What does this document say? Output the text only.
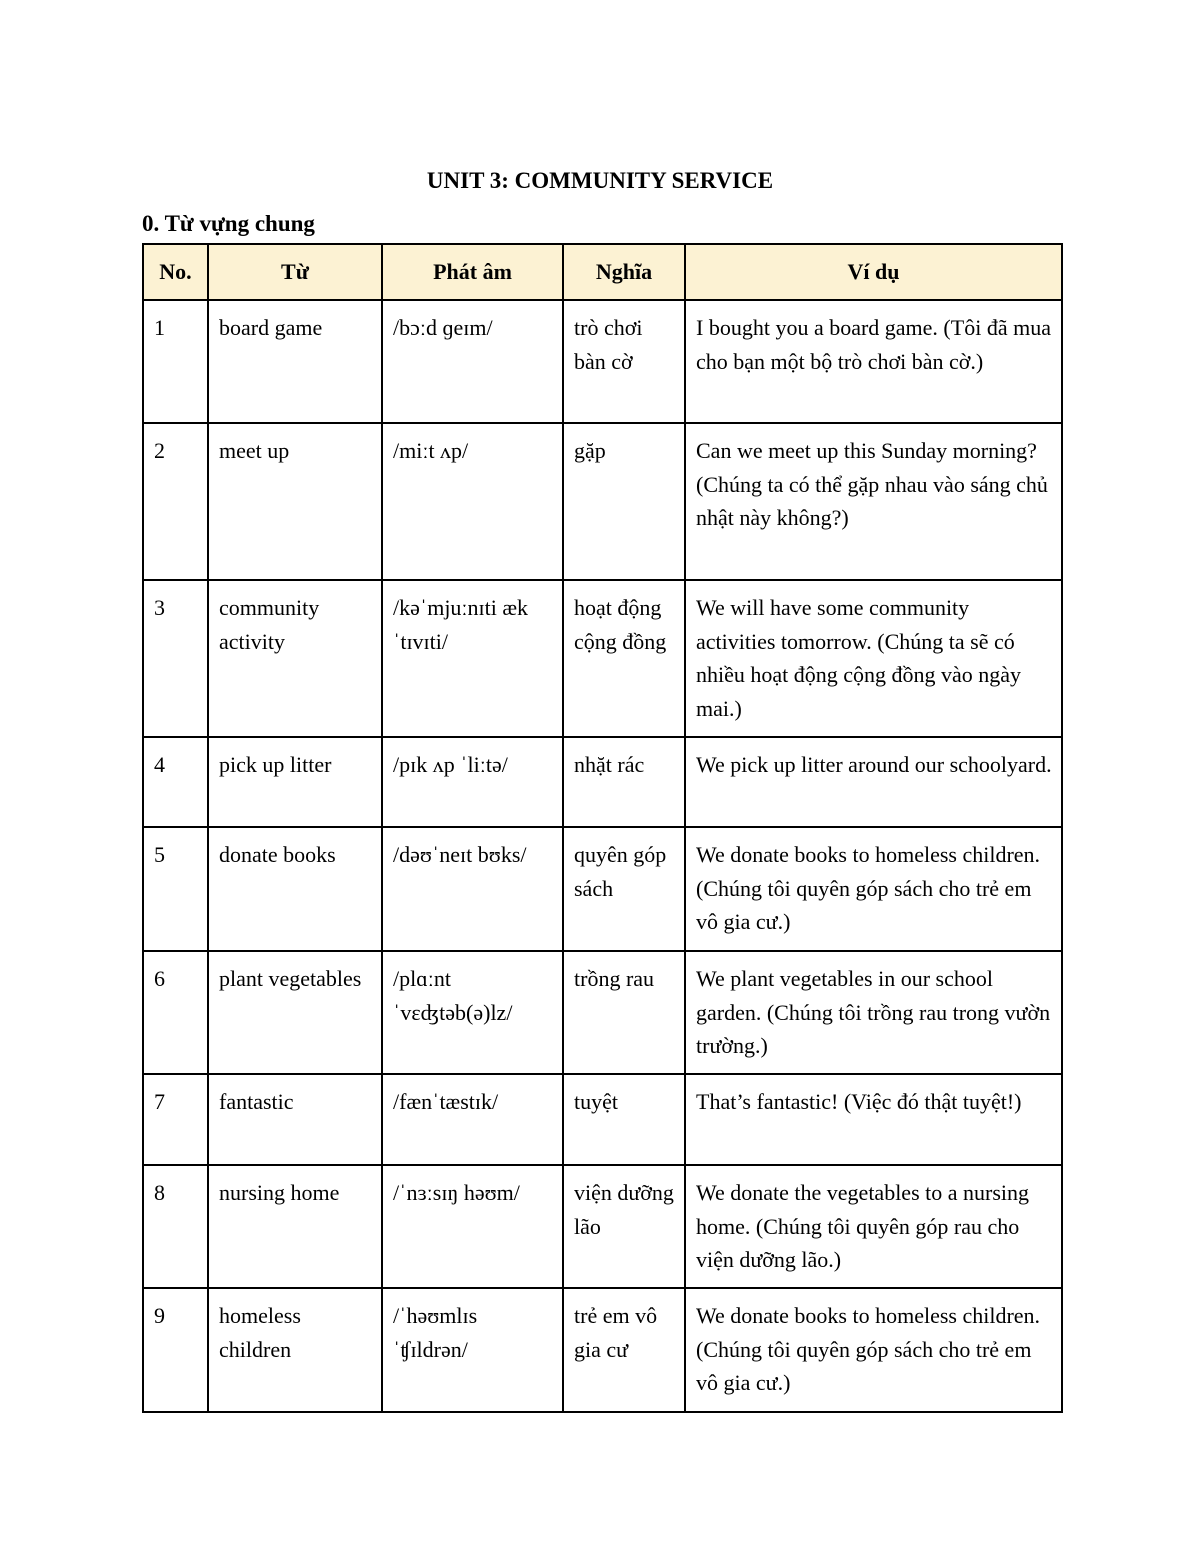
UNIT 3: COMMUNITY SERVICE
0. Từ vựng chung
No.	Từ	Phát âm	Nghĩa	Ví dụ
1	board game	/bɔːd ɡeɪm/	trò chơi bàn cờ	I bought you a board game. (Tôi đã mua cho bạn một bộ trò chơi bàn cờ.)
2	meet up	/miːt ʌp/	gặp	Can we meet up this Sunday morning? (Chúng ta có thể gặp nhau vào sáng chủ nhật này không?)
3	community activity	/kəˈmjuːnɪti ækˈtɪvɪti/	hoạt động cộng đồng	We will have some community activities tomorrow. (Chúng ta sẽ có nhiều hoạt động cộng đồng vào ngày mai.)
4	pick up litter	/pɪk ʌp ˈliːtə/	nhặt rác	We pick up litter around our schoolyard.
5	donate books	/dəʊˈneɪt bʊks/	quyên góp sách	We donate books to homeless children. (Chúng tôi quyên góp sách cho trẻ em vô gia cư.)
6	plant vegetables	/plɑːnt ˈvɛʤtəb(ə)lz/	trồng rau	We plant vegetables in our school garden. (Chúng tôi trồng rau trong vườn trường.)
7	fantastic	/fænˈtæstɪk/	tuyệt	That’s fantastic! (Việc đó thật tuyệt!)
8	nursing home	/ˈnɜːsɪŋ həʊm/	viện dưỡng lão	We donate the vegetables to a nursing home. (Chúng tôi quyên góp rau cho viện dưỡng lão.)
9	homeless children	/ˈhəʊmlɪs ˈʧɪldrən/	trẻ em vô gia cư	We donate books to homeless children. (Chúng tôi quyên góp sách cho trẻ em vô gia cư.)
